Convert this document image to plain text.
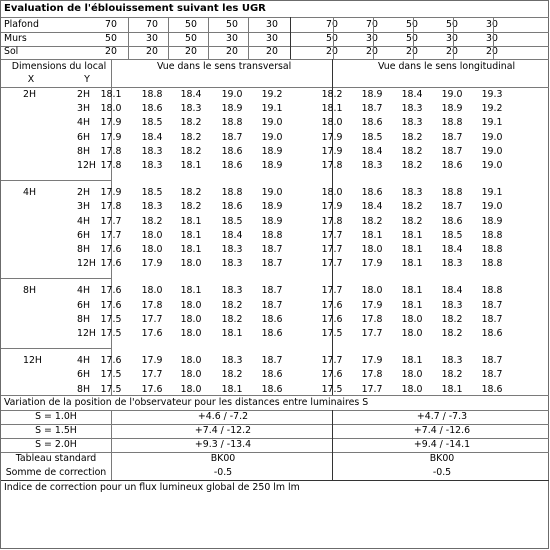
Evaluation de l'éblouissement suivant les UGR
Plafond	70	70	50	50	30	70	70	50	50	30
Murs	50	30	50	30	30	50	30	50	30	30
Sol	20	20	20	20	20	20	20	20	20	20
Dimensions du local
X	Y
Vue dans le sens transversal	Vue dans le sens longitudinal
2H	2H	18.1	18.8	18.4	19.0	19.2	18.2	18.9	18.4	19.0	19.3
3H	18.0	18.6	18.3	18.9	19.1	18.1	18.7	18.3	18.9	19.2
4H	17.9	18.5	18.2	18.8	19.0	18.0	18.6	18.3	18.8	19.1
6H	17.9	18.4	18.2	18.7	19.0	17.9	18.5	18.2	18.7	19.0
8H	17.8	18.3	18.2	18.6	18.9	17.9	18.4	18.2	18.7	19.0
12H 17.8	18.3	18.1	18.6	18.9	17.8	18.3	18.2	18.6	19.0
4H	2H	17.9	18.5	18.2	18.8	19.0	18.0	18.6	18.3	18.8	19.1
3H	17.8	18.3	18.2	18.6	18.9	17.9	18.4	18.2	18.7	19.0
4H	17.7	18.2	18.1	18.5	18.9	17.8	18.2	18.2	18.6	18.9
6H	17.7	18.0	18.1	18.4	18.8	17.7	18.1	18.1	18.5	18.8
8H	17.6	18.0	18.1	18.3	18.7	17.7	18.0	18.1	18.4	18.8
12H 17.6	17.9	18.0	18.3	18.7	17.7	17.9	18.1	18.3	18.8
8H	4H	17.6	18.0	18.1	18.3	18.7	17.7	18.0	18.1	18.4	18.8
6H	17.6	17.8	18.0	18.2	18.7	17.6	17.9	18.1	18.3	18.7
8H	17.5	17.7	18.0	18.2	18.6	17.6	17.8	18.0	18.2	18.7
12H 17.5	17.6	18.0	18.1	18.6	17.5	17.7	18.0	18.2	18.6
12H	4H	17.6	17.9	18.0	18.3	18.7	17.7	17.9	18.1	18.3	18.7
6H	17.5	17.7	18.0	18.2	18.6	17.6	17.8	18.0	18.2	18.7
8H	17.5	17.6	18.0	18.1	18.6	17.5	17.7	18.0	18.1	18.6
Variation de la position de l'observateur pour les distances entre luminaires S
S = 1.0H	+4.6 / -7.2	+4.7 / -7.3
S = 1.5H	+7.4 / -12.2	+7.4 / -12.6
S = 2.0H	+9.3 / -13.4	+9.4 / -14.1
Tableau standard	BK00	BK00
Somme de correction	-0.5	-0.5
Indice de correction pour un flux lumineux global de 250 lm lm
